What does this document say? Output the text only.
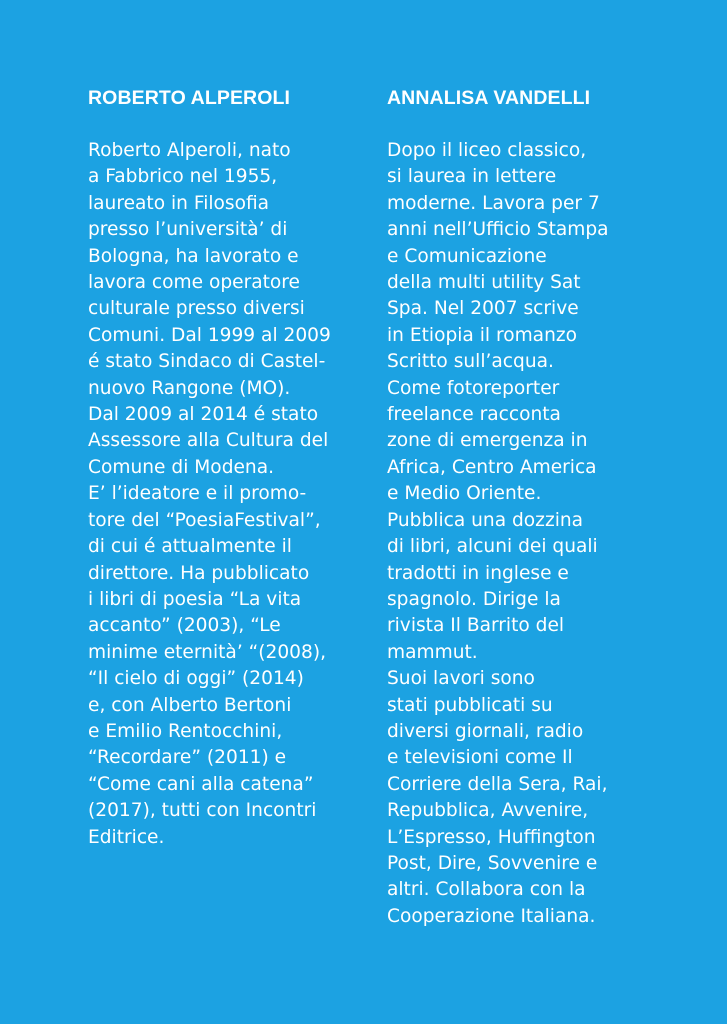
ROBERTO ALPEROLI
Roberto Alperoli, nato
a Fabbrico nel 1955,
laureato in Filosofia
presso l’università’ di
Bologna, ha lavorato e
lavora come operatore
culturale presso diversi
Comuni. Dal 1999 al 2009
é stato Sindaco di Castel-
nuovo Rangone (MO).
Dal 2009 al 2014 é stato
Assessore alla Cultura del
Comune di Modena.
E’ l’ideatore e il promo-
tore del “PoesiaFestival”,
di cui é attualmente il
direttore. Ha pubblicato
i libri di poesia “La vita
accanto” (2003), “Le
minime eternità’ “(2008),
“Il cielo di oggi” (2014)
e, con Alberto Bertoni
e Emilio Rentocchini,
“Recordare” (2011) e
“Come cani alla catena”
(2017), tutti con Incontri
Editrice.
ANNALISA VANDELLI
Dopo il liceo classico,
si laurea in lettere
moderne. Lavora per 7
anni nell’Ufficio Stampa
e Comunicazione
della multi utility Sat
Spa. Nel 2007 scrive
in Etiopia il romanzo
Scritto sull’acqua.
Come fotoreporter
freelance racconta
zone di emergenza in
Africa, Centro America
e Medio Oriente.
Pubblica una dozzina
di libri, alcuni dei quali
tradotti in inglese e
spagnolo. Dirige la
rivista Il Barrito del
mammut.
Suoi lavori sono
stati pubblicati su
diversi giornali, radio
e televisioni come Il
Corriere della Sera, Rai,
Repubblica, Avvenire,
L’Espresso, Huffington
Post, Dire, Sovvenire e
altri. Collabora con la
Cooperazione Italiana.
